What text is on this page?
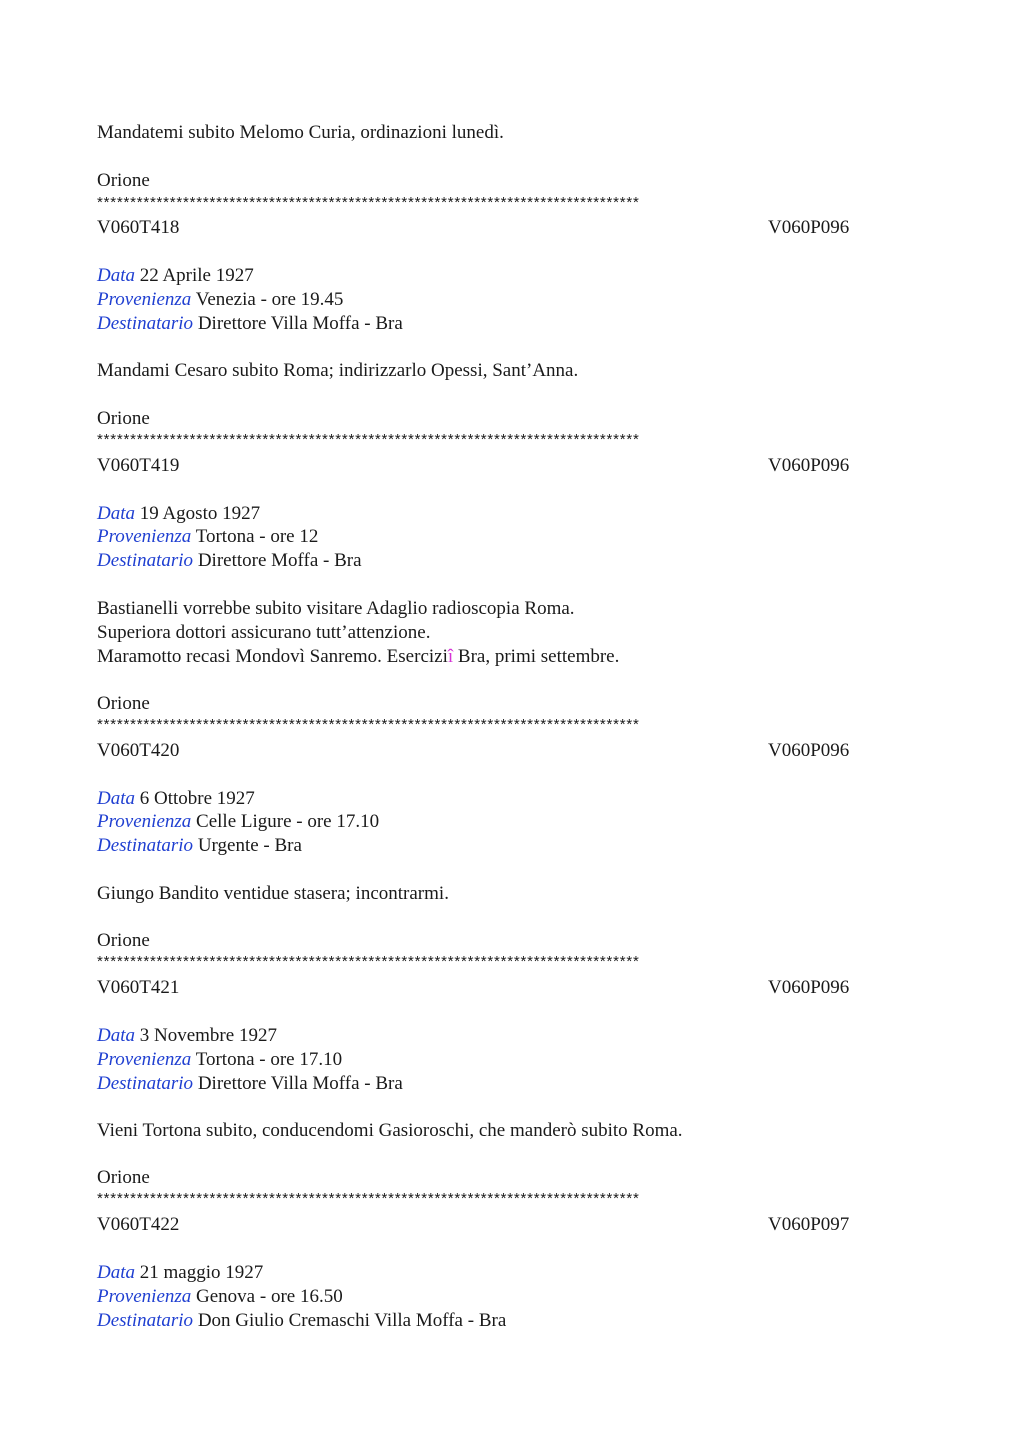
Mandatemi subito Melomo Curia, ordinazioni lunedì.
Orione
**********************************************************************************
V060T418	V060P096
Data 22 Aprile 1927
Provenienza Venezia - ore 19.45
Destinatario Direttore Villa Moffa - Bra
Mandami Cesaro subito Roma; indirizzarlo Opessi, Sant’Anna.
Orione
**********************************************************************************
V060T419	V060P096
Data 19 Agosto 1927
Provenienza Tortona - ore 12
Destinatario Direttore Moffa - Bra
Bastianelli vorrebbe subito visitare Adaglio radioscopia Roma.
Superiora dottori assicurano tutt’attenzione.
Maramotto recasi Mondovì Sanremo. Eserciziî Bra, primi settembre.
Orione
**********************************************************************************
V060T420	V060P096
Data 6 Ottobre 1927
Provenienza Celle Ligure - ore 17.10
Destinatario Urgente - Bra
Giungo Bandito ventidue stasera; incontrarmi.
Orione
**********************************************************************************
V060T421	V060P096
Data 3 Novembre 1927
Provenienza Tortona - ore 17.10
Destinatario Direttore Villa Moffa - Bra
Vieni Tortona subito, conducendomi Gasioroschi, che manderò subito Roma.
Orione
**********************************************************************************
V060T422	V060P097
Data 21 maggio 1927
Provenienza Genova - ore 16.50
Destinatario Don Giulio Cremaschi Villa Moffa - Bra
